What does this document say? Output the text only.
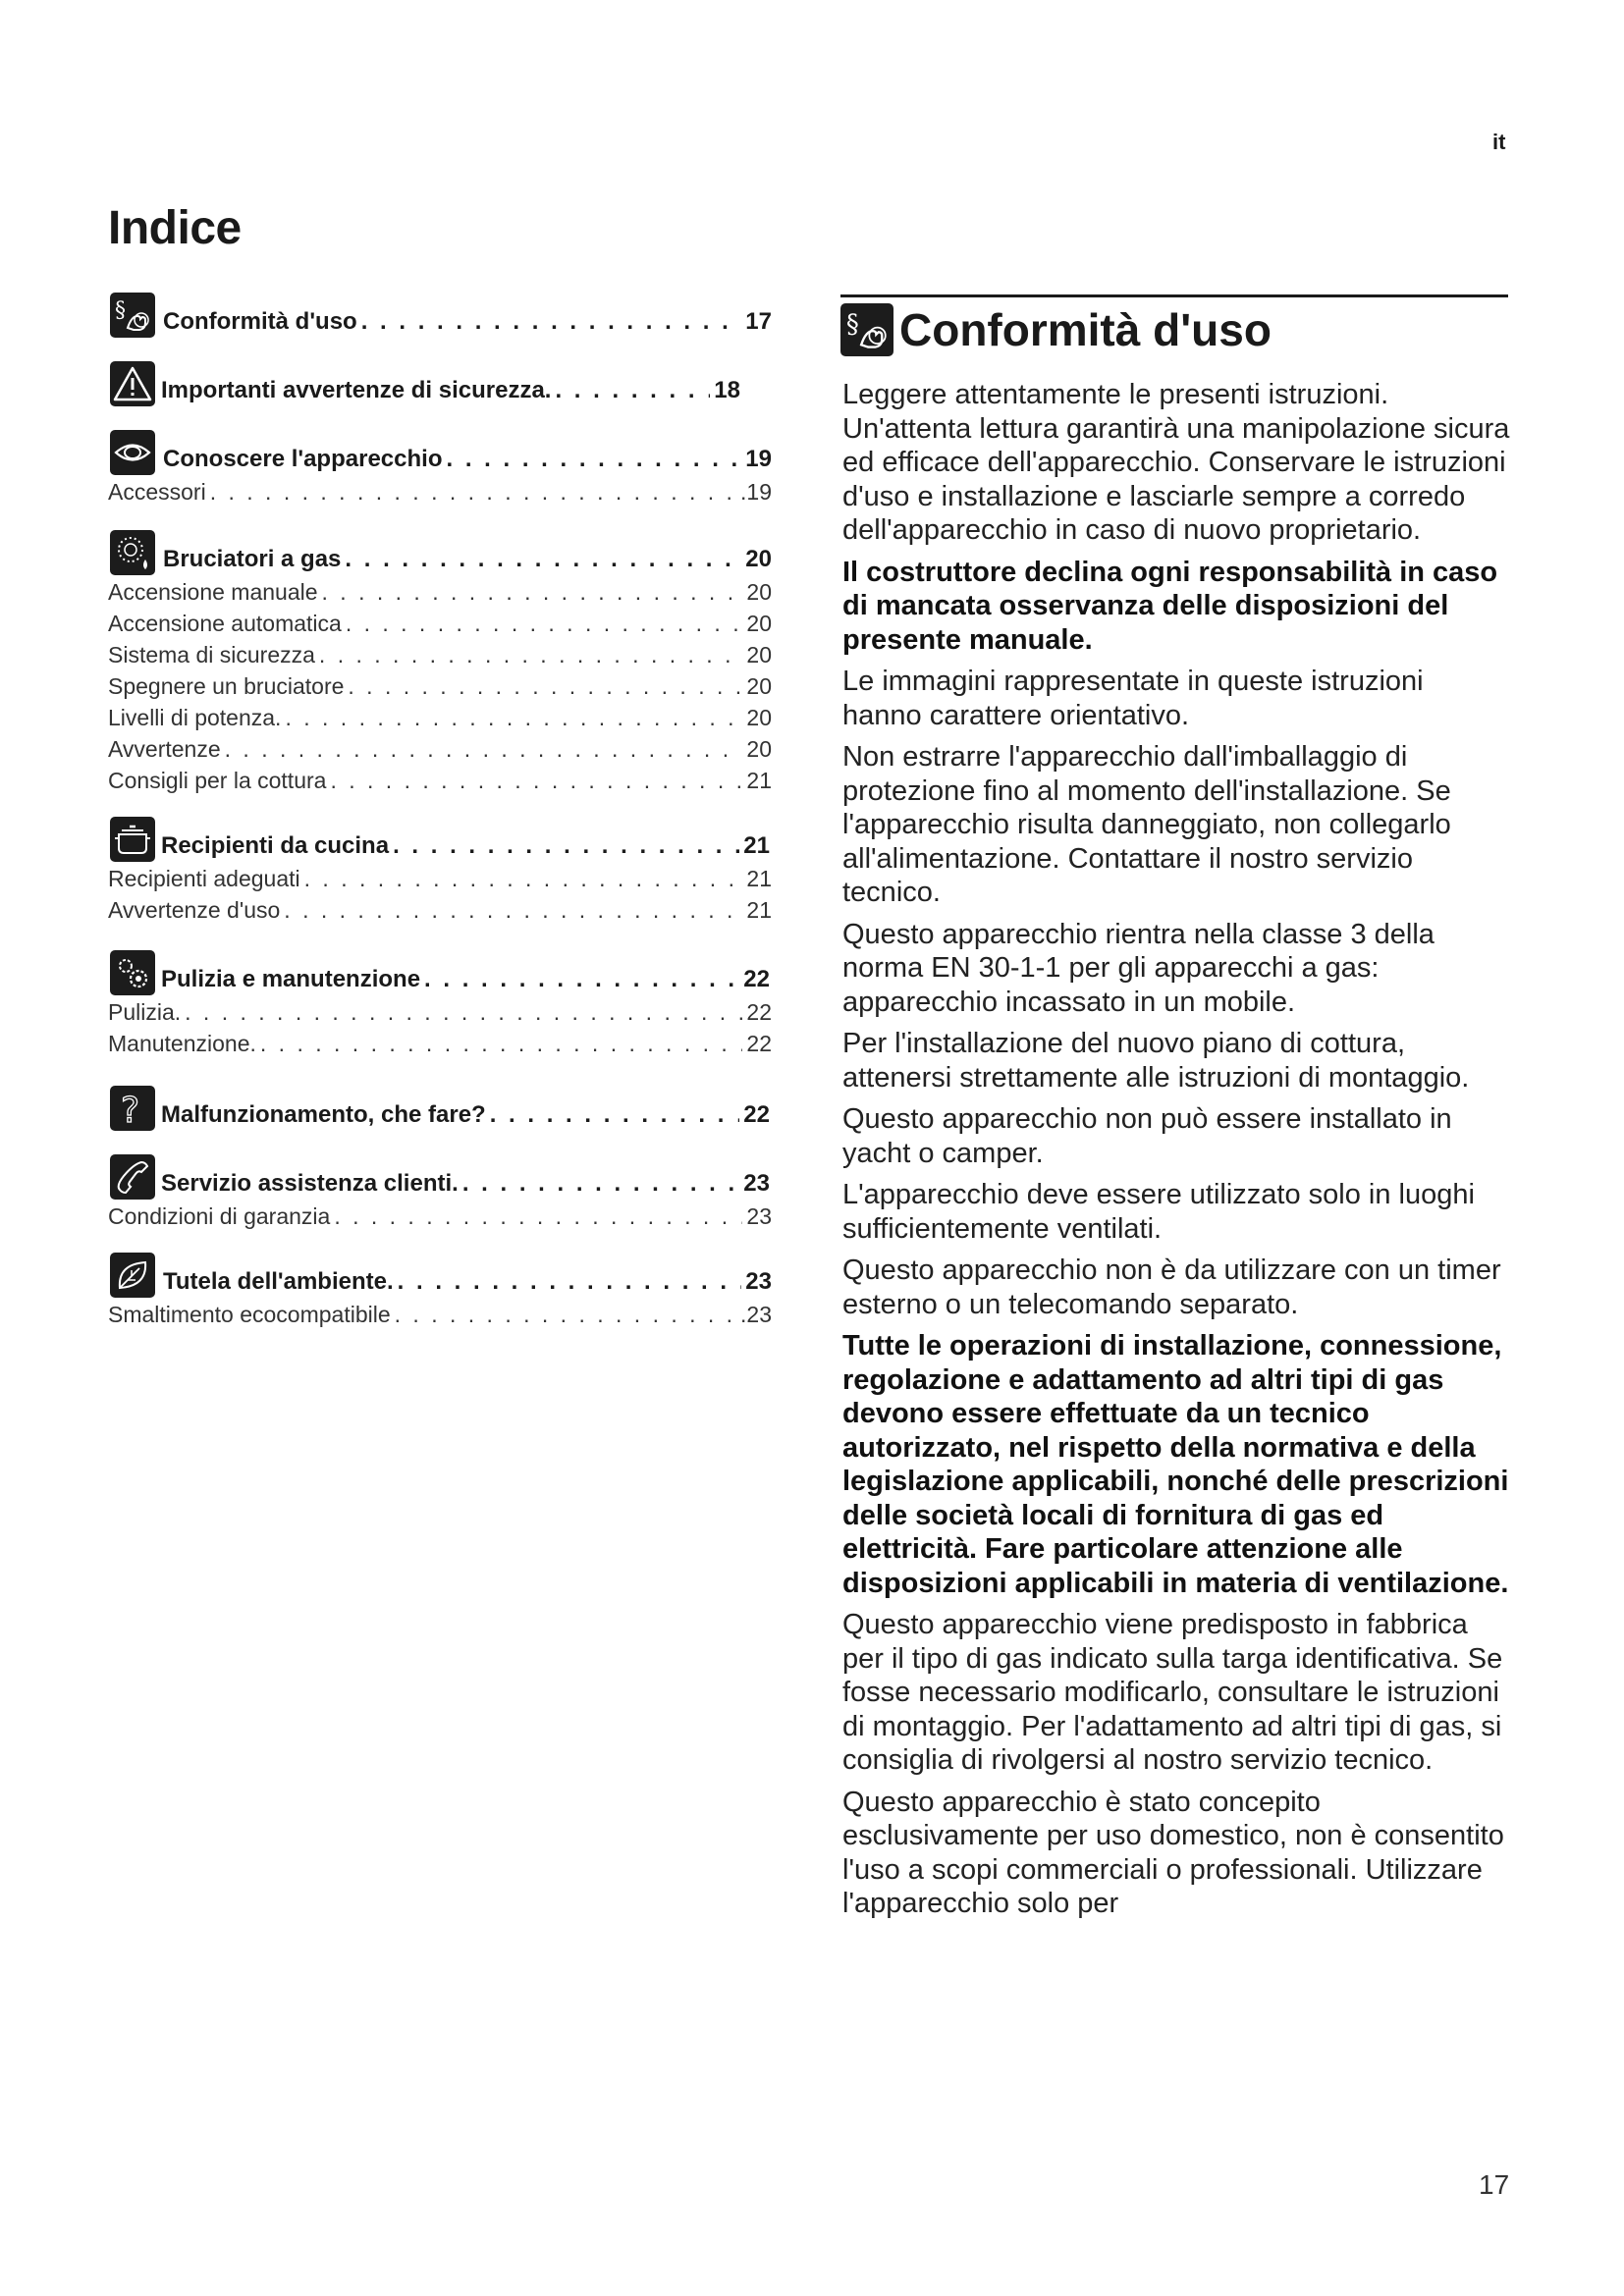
it
Indice
§ Conformità d'uso . . .	17
Importanti avvertenze di sicurezza. . . .	18
Conoscere l'apparecchio . . .	19
Accessori . . .	.19
Bruciatori a gas . . .	20
Accensione manuale . . .	20
Accensione automatica . . .	20
Sistema di sicurezza . . .	20
Spegnere un bruciatore . . .	20
Livelli di potenza. . . .	20
Avvertenze . . .	20
Consigli per la cottura . . .	21
Recipienti da cucina . . .	21
Recipienti adeguati . . .	21
Avvertenze d'uso . . .	21
Pulizia e manutenzione . . .	22
Pulizia. . . .	22
Manutenzione. . . .	22
? Malfunzionamento, che fare? . . .	22
Servizio assistenza clienti. . . .	23
Condizioni di garanzia . . .	23
Tutela dell'ambiente. . . .	23
Smaltimento ecocompatibile . . .	.23
§ Conformità d'uso

Leggere attentamente le presenti istruzioni. Un'attenta lettura garantirà una manipolazione sicura ed efficace dell'apparecchio. Conservare le istruzioni d'uso e installazione e lasciarle sempre a corredo dell'apparecchio in caso di nuovo proprietario.

Il costruttore declina ogni responsabilità in caso di mancata osservanza delle disposizioni del presente manuale.

Le immagini rappresentate in queste istruzioni hanno carattere orientativo.

Non estrarre l'apparecchio dall'imballaggio di protezione fino al momento dell'installazione. Se l'apparecchio risulta danneggiato, non collegarlo all'alimentazione. Contattare il nostro servizio tecnico.

Questo apparecchio rientra nella classe 3 della norma EN 30-1-1 per gli apparecchi a gas: apparecchio incassato in un mobile.

Per l'installazione del nuovo piano di cottura, attenersi strettamente alle istruzioni di montaggio.

Questo apparecchio non può essere installato in yacht o camper.

L'apparecchio deve essere utilizzato solo in luoghi sufficientemente ventilati.

Questo apparecchio non è da utilizzare con un timer esterno o un telecomando separato.

Tutte le operazioni di installazione, connessione, regolazione e adattamento ad altri tipi di gas devono essere effettuate da un tecnico autorizzato, nel rispetto della normativa e della legislazione applicabili, nonché delle prescrizioni delle società locali di fornitura di gas ed elettricità. Fare particolare attenzione alle disposizioni applicabili in materia di ventilazione.

Questo apparecchio viene predisposto in fabbrica per il tipo di gas indicato sulla targa identificativa. Se fosse necessario modificarlo, consultare le istruzioni di montaggio. Per l'adattamento ad altri tipi di gas, si consiglia di rivolgersi al nostro servizio tecnico.

Questo apparecchio è stato concepito esclusivamente per uso domestico, non è consentito l'uso a scopi commerciali o professionali. Utilizzare l'apparecchio solo per

17
